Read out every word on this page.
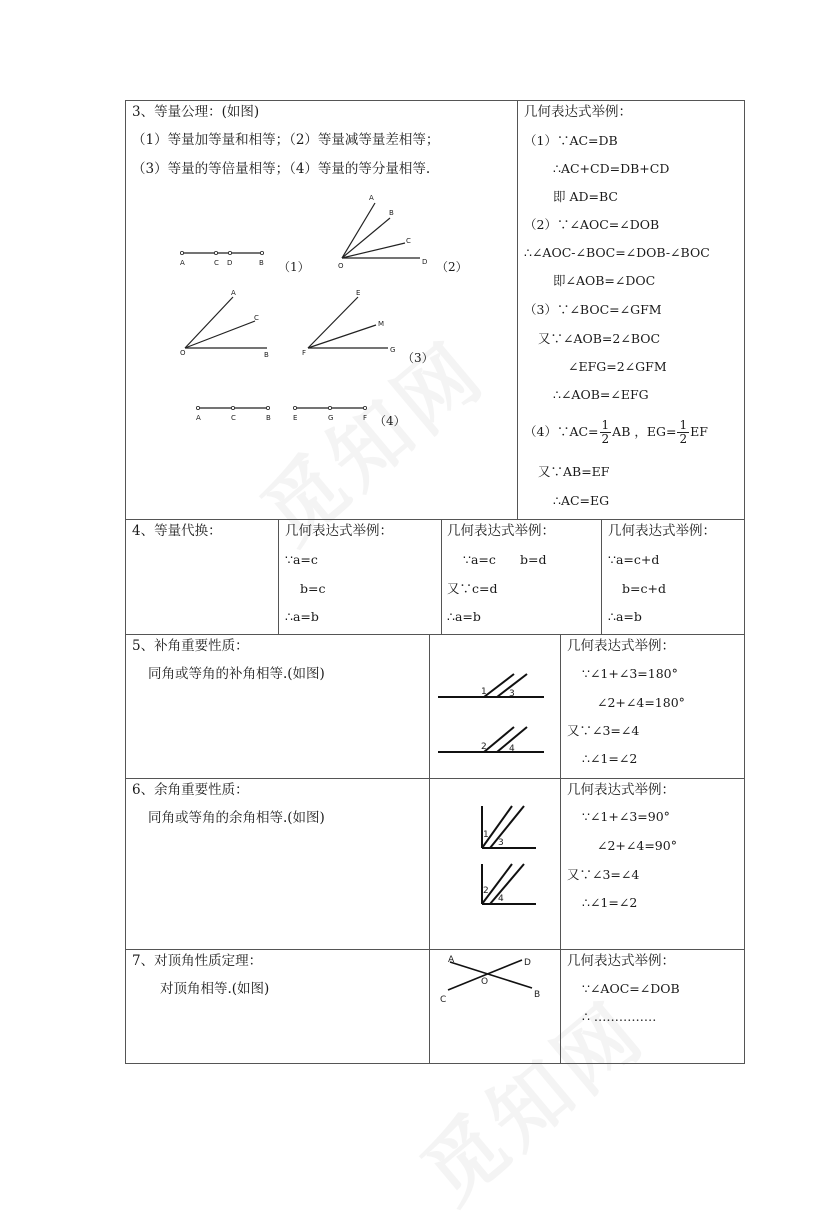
3、等量公理：(如图)
（1）等量加等量和相等；（2）等量减等量差相等；
（3）等量的等倍量相等；（4）等量的等分量相等.
A	C D	B （1）
A
B
C
O	D （2）
A
C
O	B
E
M
F	G
（3）
A	C	B	E	G	F （4）
几何表达式举例：
（1）∵AC=DB
∴AC+CD=DB+CD
即 AD=BC
（2）∵∠AOC=∠DOB
∴∠AOC-∠BOC=∠DOB-∠BOC
即∠AOB=∠DOC
（3）∵∠BOC=∠GFM
又∵∠AOB=2∠BOC
∠EFG=2∠GFM
∴∠AOB=∠EFG
（4）∵AC= $\frac{1}{2}$ AB ，$EG= \frac{1}{2}$ EF
又∵AB=EF
∴AC=EG
4、等量代换：	几何表达式举例：
∵a=c
b=c
∴a=b
几何表达式举例：
∵a=c b=d
又∵c=d
∴a=b
几何表达式举例：
∵a=c+d
b=c+d
∴a=b
5、补角重要性质：
同角或等角的补角相等.(如图)
1 3
2 4
几何表达式举例：
∵∠1+∠3=180°
∠2+∠4=180°
又∵∠3=∠4
∴∠1=∠2
6、余角重要性质：
同角或等角的余角相等.(如图)
1
3
2
4
几何表达式举例：
∵∠1+∠3=90°
∠2+∠4=90°
又∵∠3=∠4
∴∠1=∠2
7、对顶角性质定理：
对顶角相等.(如图)
A	D
O
C	B
几何表达式举例：
∵∠AOC=∠DOB
∴ ……………
